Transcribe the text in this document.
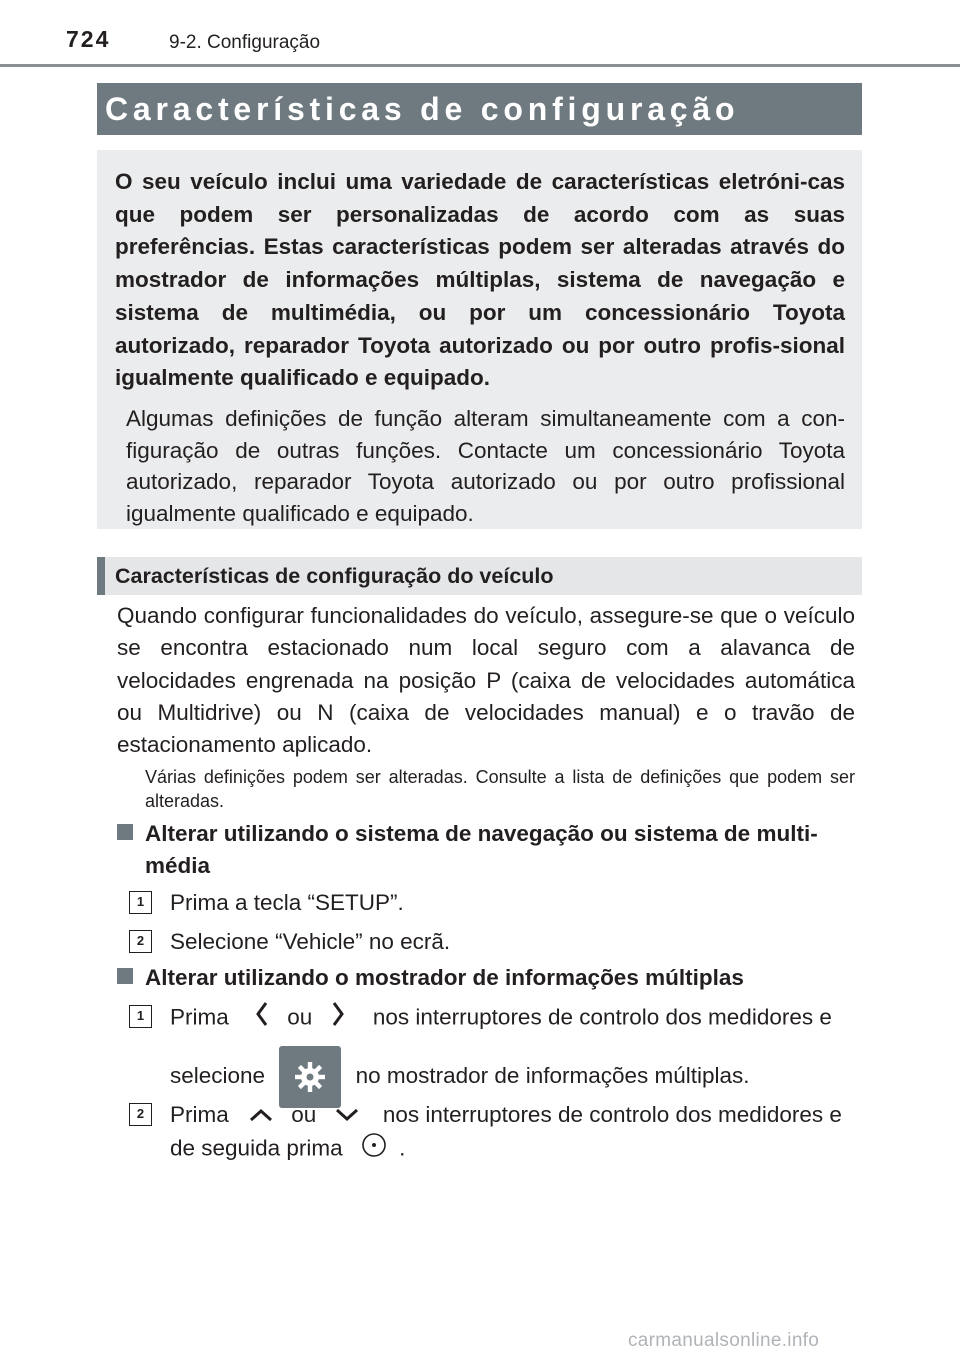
724	9-2. Configuração
Características de configuração

O seu veículo inclui uma variedade de características eletróni-cas que podem ser personalizadas de acordo com as suas preferências. Estas características podem ser alteradas através do mostrador de informações múltiplas, sistema de navegação e sistema de multimédia, ou por um concessionário Toyota autorizado, reparador Toyota autorizado ou por outro profis-sional igualmente qualificado e equipado.

Algumas definições de função alteram simultaneamente com a con-figuração de outras funções. Contacte um concessionário Toyota autorizado, reparador Toyota autorizado ou por outro profissional igualmente qualificado e equipado.

Características de configuração do veículo

Quando configurar funcionalidades do veículo, assegure-se que o veículo se encontra estacionado num local seguro com a alavanca de velocidades engrenada na posição P (caixa de velocidades automática ou Multidrive) ou N (caixa de velocidades manual) e o travão de estacionamento aplicado.

Várias definições podem ser alteradas. Consulte a lista de definições que podem ser alteradas.

Alterar utilizando o sistema de navegação ou sistema de multi-média
1	Prima a tecla “SETUP”.
2	Selecione “Vehicle” no ecrã.
Alterar utilizando o mostrador de informações múltiplas
1	Prima	ou	nos interruptores de controlo dos medidores e
selecione	no mostrador de informações múltiplas.
2	Prima	ou	nos interruptores de controlo dos medidores e
de seguida prima	.
carmanualsonline.info
